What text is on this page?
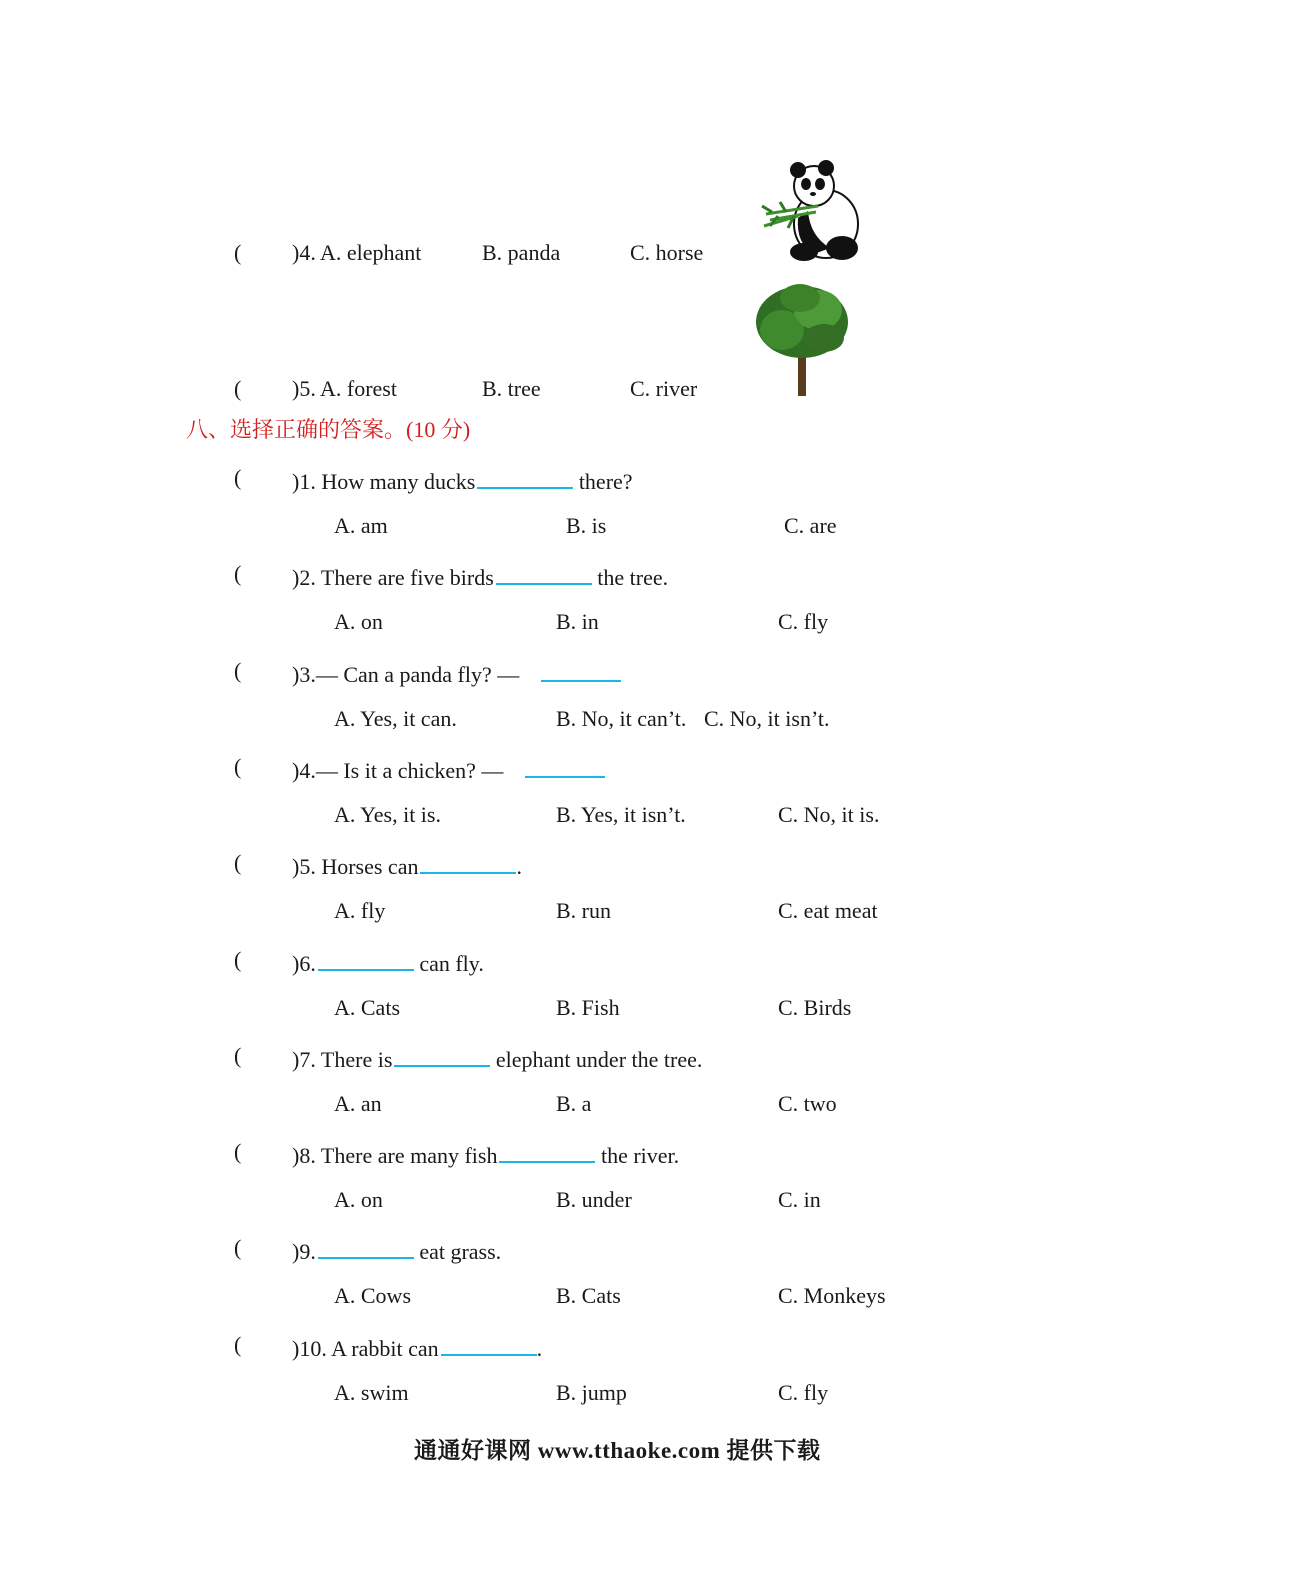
( )4. A. elephant	B. panda	C. horse
( )5. A. forest	B. tree	C. river
八、选择正确的答案。(10 分)
( )1. How many ducks	there?
A. am	B. is	C. are
( )2. There are five birds	the tree.
A. on	B. in	C. fly
( )3.— Can a panda fly? —
A. Yes, it can.	B. No, it can’t. C. No, it isn’t.
( )4.— Is it a chicken? —
A. Yes, it is.	B. Yes, it isn’t.	C. No, it is.
( )5. Horses can	.
A. fly	B. run	C. eat meat
( )6.	can fly.
A. Cats	B. Fish	C. Birds
( )7. There is	elephant under the tree.
A. an	B. a	C. two
( )8. There are many fish	the river.
A. on	B. under	C. in
( )9.	eat grass.
A. Cows	B. Cats	C. Monkeys
( )10. A rabbit can	.
A. swim	B. jump	C. fly
通通好课网 www.tthaoke.com 提供下载
